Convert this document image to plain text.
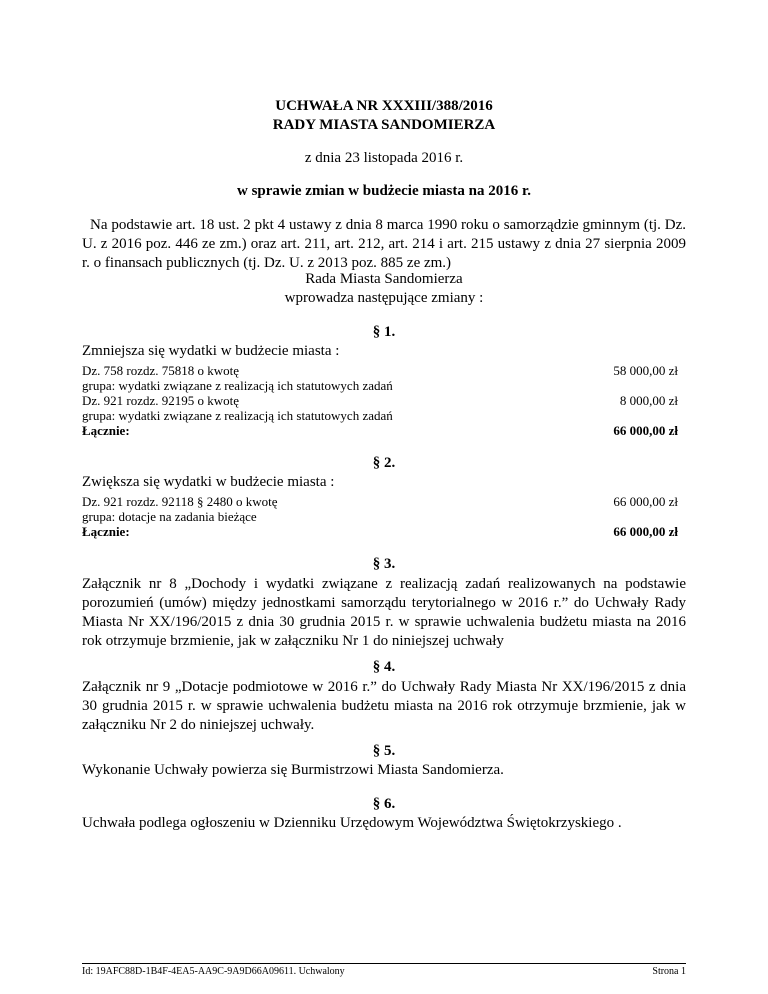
UCHWAŁA NR XXXIII/388/2016
RADY MIASTA SANDOMIERZA
z dnia 23 listopada 2016 r.
w sprawie zmian w budżecie miasta na 2016 r.
Na podstawie art. 18 ust. 2 pkt 4 ustawy z dnia 8 marca 1990 roku o samorządzie gminnym (tj. Dz. U. z 2016 poz. 446 ze zm.) oraz art. 211, art. 212, art. 214 i art. 215 ustawy z dnia 27 sierpnia 2009 r. o finansach publicznych (tj. Dz. U. z 2013 poz. 885 ze zm.)
Rada Miasta Sandomierza
wprowadza następujące zmiany :
§ 1.
Zmniejsza się wydatki w budżecie miasta :
Dz. 758 rozdz. 75818 o kwotę	58 000,00 zł
grupa: wydatki związane z realizacją ich statutowych zadań
Dz. 921 rozdz. 92195 o kwotę	8 000,00 zł
grupa: wydatki związane z realizacją ich statutowych zadań
Łącznie:	66 000,00 zł
§ 2.
Zwiększa się wydatki w budżecie miasta :
Dz. 921 rozdz. 92118 § 2480 o kwotę	66 000,00 zł
grupa: dotacje na zadania bieżące
Łącznie:	66 000,00 zł
§ 3.
Załącznik nr 8 „Dochody i wydatki związane z realizacją zadań realizowanych na podstawie porozumień (umów) między jednostkami samorządu terytorialnego w 2016 r.” do Uchwały Rady Miasta Nr XX/196/2015 z dnia 30 grudnia 2015 r. w sprawie uchwalenia budżetu miasta na 2016 rok otrzymuje brzmienie, jak w załączniku Nr 1 do niniejszej uchwały
§ 4.
Załącznik nr 9 „Dotacje podmiotowe w 2016 r.” do Uchwały Rady Miasta Nr XX/196/2015 z dnia 30 grudnia 2015 r. w sprawie uchwalenia budżetu miasta na 2016 rok otrzymuje brzmienie, jak w załączniku Nr 2 do niniejszej uchwały.
§ 5.
Wykonanie Uchwały powierza się Burmistrzowi Miasta Sandomierza.
§ 6.
Uchwała podlega ogłoszeniu w Dzienniku Urzędowym Województwa Świętokrzyskiego .
Id: 19AFC88D-1B4F-4EA5-AA9C-9A9D66A09611. Uchwalony	Strona 1
